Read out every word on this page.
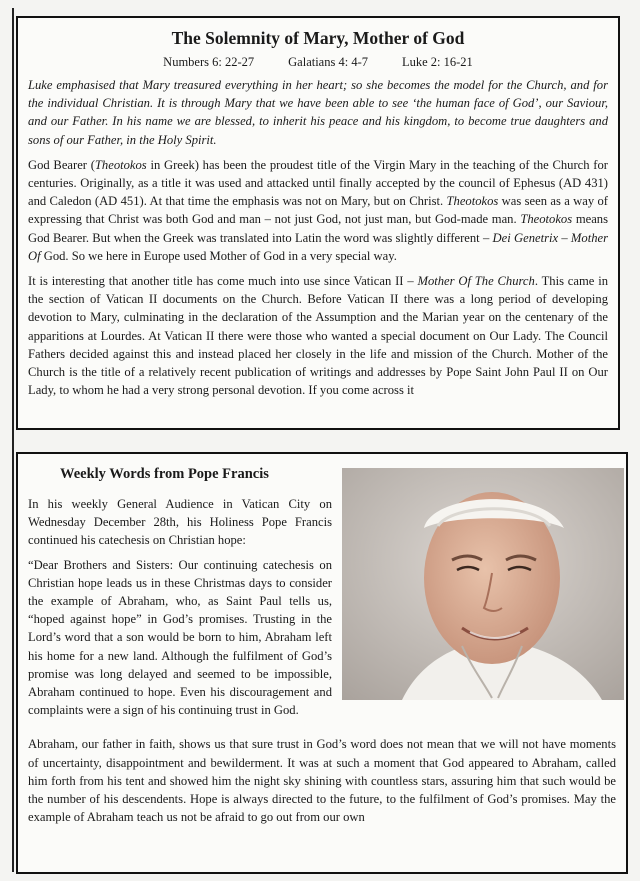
The Solemnity of Mary, Mother of God
Numbers 6: 22-27	Galatians 4: 4-7	Luke 2: 16-21

Luke emphasised that Mary treasured everything in her heart; so she becomes the model for the Church, and for the individual Christian. It is through Mary that we have been able to see ‘the human face of God’, our Saviour, and our Father. In his name we are blessed, to inherit his peace and his kingdom, to become true daughters and sons of our Father, in the Holy Spirit.

God Bearer (Theotokos in Greek) has been the proudest title of the Virgin Mary in the teaching of the Church for centuries. Originally, as a title it was used and attacked until finally accepted by the council of Ephesus (AD 431) and Caledon (AD 451). At that time the emphasis was not on Mary, but on Christ. Theotokos was seen as a way of expressing that Christ was both God and man – not just God, not just man, but God-made man. Theotokos means God Bearer. But when the Greek was translated into Latin the word was slightly different – Dei Genetrix – Mother Of God. So we here in Europe used Mother of God in a very special way.

It is interesting that another title has come much into use since Vatican II – Mother Of The Church. This came in the section of Vatican II documents on the Church. Before Vatican II there was a long period of developing devotion to Mary, culminating in the declaration of the Assumption and the Marian year on the centenary of the apparitions at Lourdes. At Vatican II there were those who wanted a special document on Our Lady. The Council Fathers decided against this and instead placed her closely in the life and mission of the Church. Mother of the Church is the title of a relatively recent publication of writings and addresses by Pope Saint John Paul II on Our Lady, to whom he had a very strong personal devotion. If you come across it

Weekly Words from Pope Francis

In his weekly General Audience in Vatican City on Wednesday December 28th, his Holiness Pope Francis continued his catechesis on Christian hope:

“Dear Brothers and Sisters: Our continuing catechesis on Christian hope leads us in these Christmas days to consider the example of Abraham, who, as Saint Paul tells us, “hoped against hope” in God’s promises. Trusting in the Lord’s word that a son would be born to him, Abraham left his home for a new land. Although the fulfilment of God’s promise was long delayed and seemed to be impossible, Abraham continued to hope. Even his discouragement and complaints were a sign of his continuing trust in God.

Abraham, our father in faith, shows us that sure trust in God’s word does not mean that we will not have moments of uncertainty, disappointment and bewilderment. It was at such a moment that God appeared to Abraham, called him forth from his tent and showed him the night sky shining with countless stars, assuring him that such would be the number of his descendents. Hope is always directed to the future, to the fulfilment of God’s promises. May the example of Abraham teach us not be afraid to go out from our own
